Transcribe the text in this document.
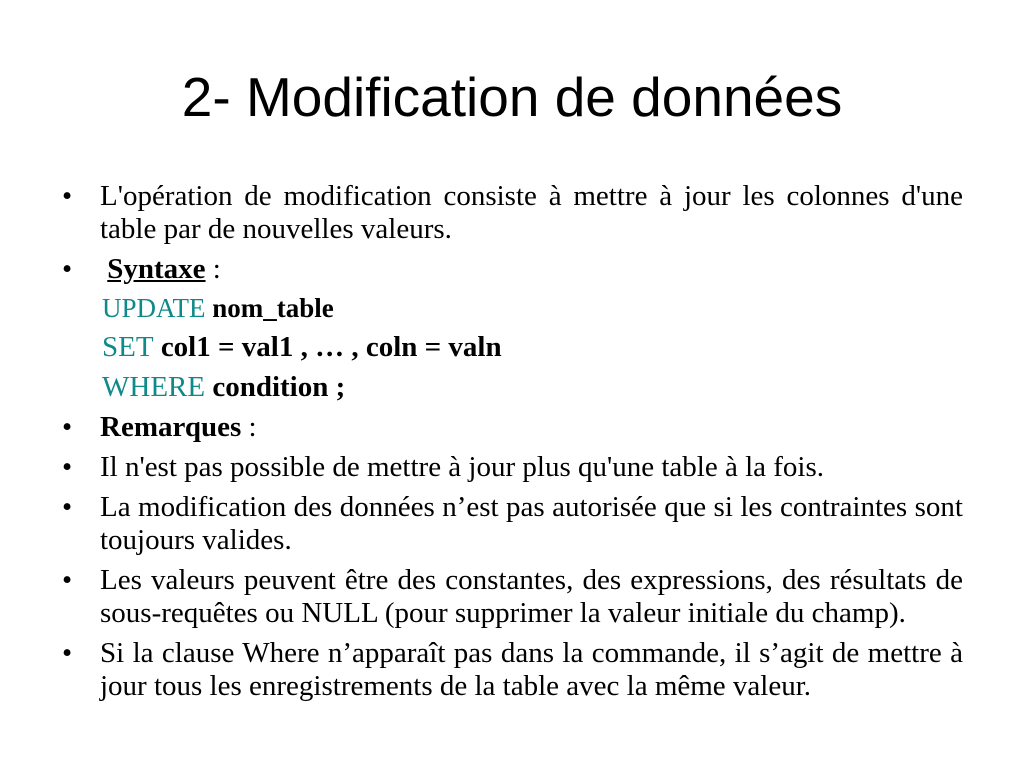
2- Modification de données
• L'opération de modification consiste à mettre à jour les colonnes d'une table par de nouvelles valeurs.
• Syntaxe :
UPDATE nom_table
SET col1 = val1 , … , coln = valn
WHERE condition ;
• Remarques :
• Il n'est pas possible de mettre à jour plus qu'une table à la fois.
• La modification des données n’est pas autorisée que si les contraintes sont toujours valides.
• Les valeurs peuvent être des constantes, des expressions, des résultats de sous-requêtes ou NULL (pour supprimer la valeur initiale du champ).
• Si la clause Where n’apparaît pas dans la commande, il s’agit de mettre à jour tous les enregistrements de la table avec la même valeur.
